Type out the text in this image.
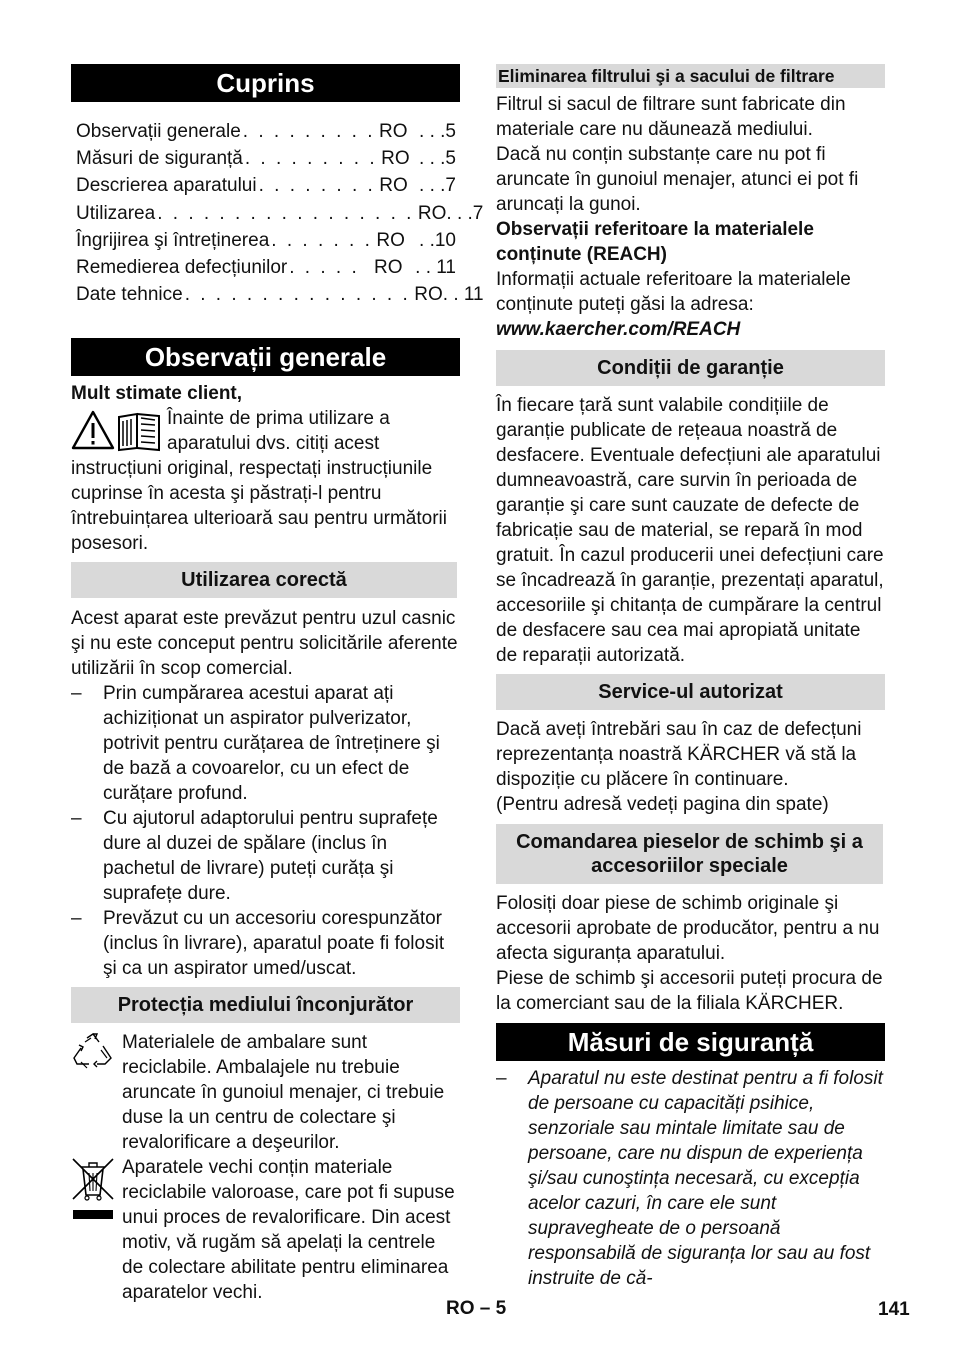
Cuprins
Observații generale . . . . . . . . . RO . . .5
Măsuri de siguranță . . . . . . . . . RO . . .5
Descrierea aparatului . . . . . . . . RO . . .7
Utilizarea . . . . . . . . . . . . . . . . . RO . . .7
Îngrijirea şi întreținerea . . . . . . . RO . .10
Remedierea defecțiunilor . . . . . RO . . 11
Date tehnice . . . . . . . . . . . . . . . RO . . 11
Observații generale

Mult stimate client,

Înainte de prima utilizare a aparatului dvs. citiți acest instrucțiuni original, respectați instrucțiunile cuprinse în acesta şi păstrați-l pentru întrebuințarea ulterioară sau pentru următorii posesori.

Utilizarea corectă

Acest aparat este prevăzut pentru uzul casnic şi nu este conceput pentru solicitările aferente utilizării în scop comercial.

– Prin cumpărarea acestui aparat ați achiziționat un aspirator pulverizator, potrivit pentru curățarea de întreținere şi de bază a covoarelor, cu un efect de curățare profund.
– Cu ajutorul adaptorului pentru suprafețe dure al duzei de spălare (inclus în pachetul de livrare) puteți curăța şi suprafețe dure.
– Prevăzut cu un accesoriu corespunzător (inclus în livrare), aparatul poate fi folosit şi ca un aspirator umed/uscat.
Protecția mediului înconjurător

Materialele de ambalare sunt reciclabile. Ambalajele nu trebuie aruncate în gunoiul menajer, ci trebuie duse la un centru de colectare şi revalorificare a deşeurilor.

Aparatele vechi conțin materiale reciclabile valoroase, care pot fi supuse unui proces de revalorificare. Din acest motiv, vă rugăm să apelați la centrele de colectare abilitate pentru eliminarea aparatelor vechi.

Eliminarea filtrului şi a sacului de filtrare

Filtrul si sacul de filtrare sunt fabricate din materiale care nu dăunează mediului.

Dacă nu conțin substanțe care nu pot fi aruncate în gunoiul menajer, atunci ei pot fi aruncați la gunoi.

Observații referitoare la materialele conținute (REACH)

Informații actuale referitoare la materialele conținute puteți găsi la adresa:

www.kaercher.com/REACH

Condiții de garanție

În fiecare țară sunt valabile condițiile de garanție publicate de rețeaua noastră de desfacere. Eventuale defecțiuni ale aparatului dumneavoastră, care survin în perioada de garanție şi care sunt cauzate de defecte de fabricație sau de material, se repară în mod gratuit. În cazul producerii unei defecțiuni care se încadrează în garanție, prezentați aparatul, accesoriile şi chitanța de cumpărare la centrul de desfacere sau cea mai apropiată unitate de reparații autorizată.

Service-ul autorizat

Dacă aveți întrebări sau în caz de defecțuni reprezentanța noastră KÄRCHER vă stă la dispoziție cu plăcere în continuare.

(Pentru adresă vedeți pagina din spate)

Comandarea pieselor de schimb şi a accesoriilor speciale

Folosiți doar piese de schimb originale şi accesorii aprobate de producător, pentru a nu afecta siguranța aparatului.

Piese de schimb şi accesorii puteți procura de la comerciant sau de la filiala KÄRCHER.

Măsuri de siguranță
– Aparatul nu este destinat pentru a fi folosit de persoane cu capacități psihice, senzoriale sau mintale limitate sau de persoane, care nu dispun de experiența şi/sau cunoştința necesară, cu excepția acelor cazuri, în care ele sunt supravegheate de o persoană responsabilă de siguranța lor sau au fost instruite de că-
RO – 5	141
